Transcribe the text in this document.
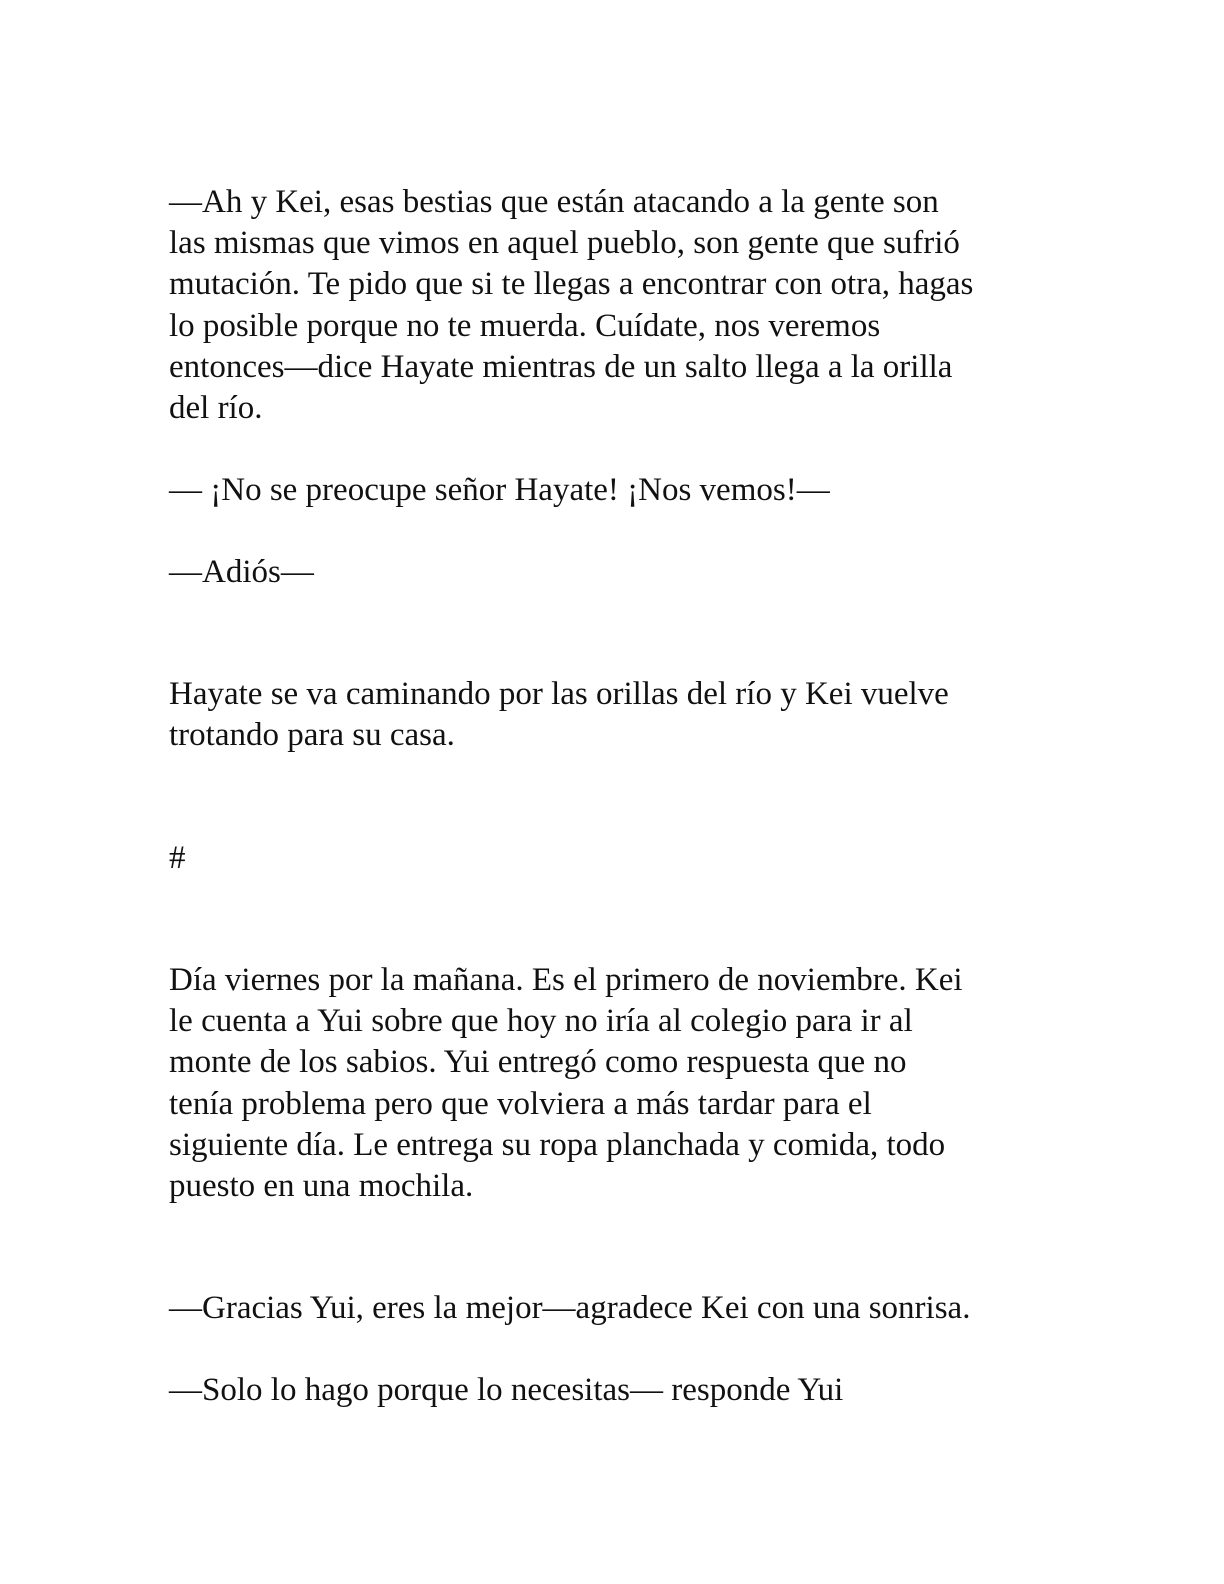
—Ah y Kei, esas bestias que están atacando a la gente son
las mismas que vimos en aquel pueblo, son gente que sufrió
mutación. Te pido que si te llegas a encontrar con otra, hagas
lo posible porque no te muerda. Cuídate, nos veremos
entonces—dice Hayate mientras de un salto llega a la orilla
del río.

— ¡No se preocupe señor Hayate! ¡Nos vemos!—

—Adiós—

Hayate se va caminando por las orillas del río y Kei vuelve
trotando para su casa.

#

Día viernes por la mañana. Es el primero de noviembre. Kei
le cuenta a Yui sobre que hoy no iría al colegio para ir al
monte de los sabios. Yui entregó como respuesta que no
tenía problema pero que volviera a más tardar para el
siguiente día. Le entrega su ropa planchada y comida, todo
puesto en una mochila.

—Gracias Yui, eres la mejor—agradece Kei con una sonrisa.

—Solo lo hago porque lo necesitas— responde Yui
